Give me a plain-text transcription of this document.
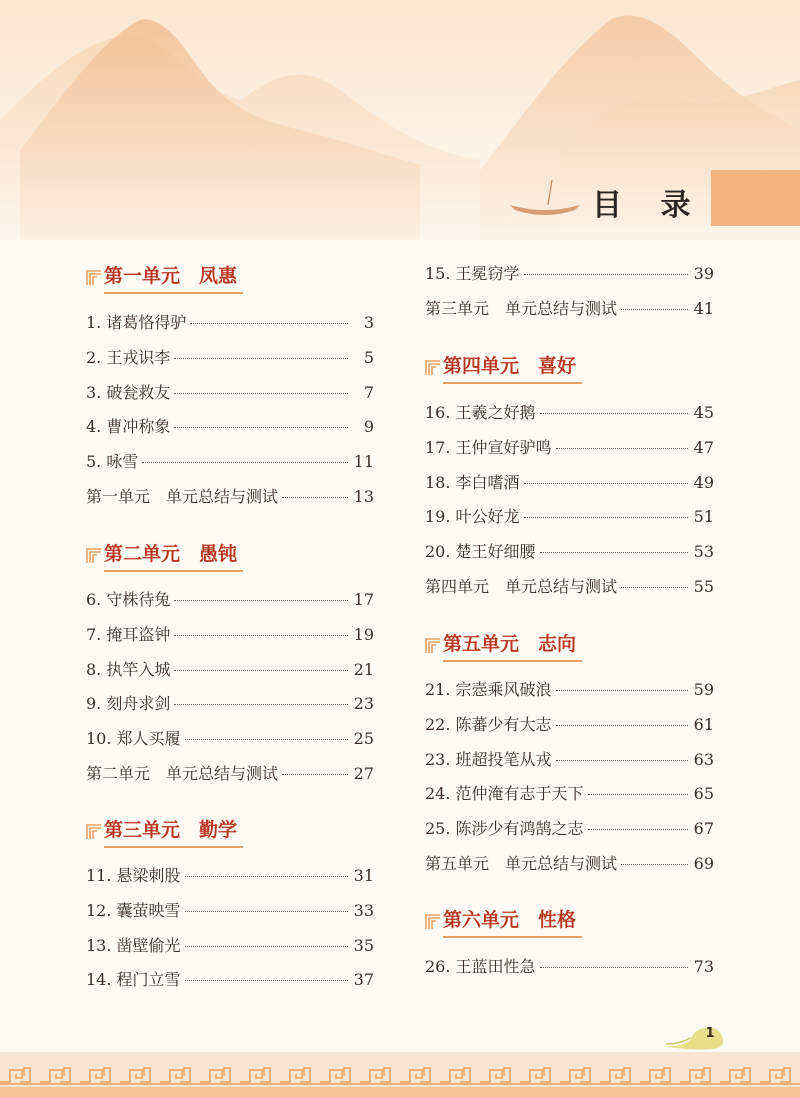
目 录
第一单元　凤惠
1. 诸葛恪得驴	3
2. 王戎识李	5
3. 破瓮救友	7
4. 曹冲称象	9
5. 咏雪	11
第一单元　单元总结与测试	13
第二单元　愚钝
6. 守株待兔	17
7. 掩耳盗钟	19
8. 执竿入城	21
9. 刻舟求剑	23
10. 郑人买履	25
第二单元　单元总结与测试	27
第三单元　勤学
11. 悬梁刺股	31
12. 囊萤映雪	33
13. 凿壁偷光	35
14. 程门立雪	37
15. 王冕窃学	39
第三单元　单元总结与测试	41
第四单元　喜好
16. 王羲之好鹅	45
17. 王仲宣好驴鸣	47
18. 李白嗜酒	49
19. 叶公好龙	51
20. 楚王好细腰	53
第四单元　单元总结与测试	55
第五单元　志向
21. 宗悫乘风破浪	59
22. 陈蕃少有大志	61
23. 班超投笔从戎	63
24. 范仲淹有志于天下	65
25. 陈涉少有鸿鹄之志	67
第五单元　单元总结与测试	69
第六单元　性格
26. 王蓝田性急	73
1
